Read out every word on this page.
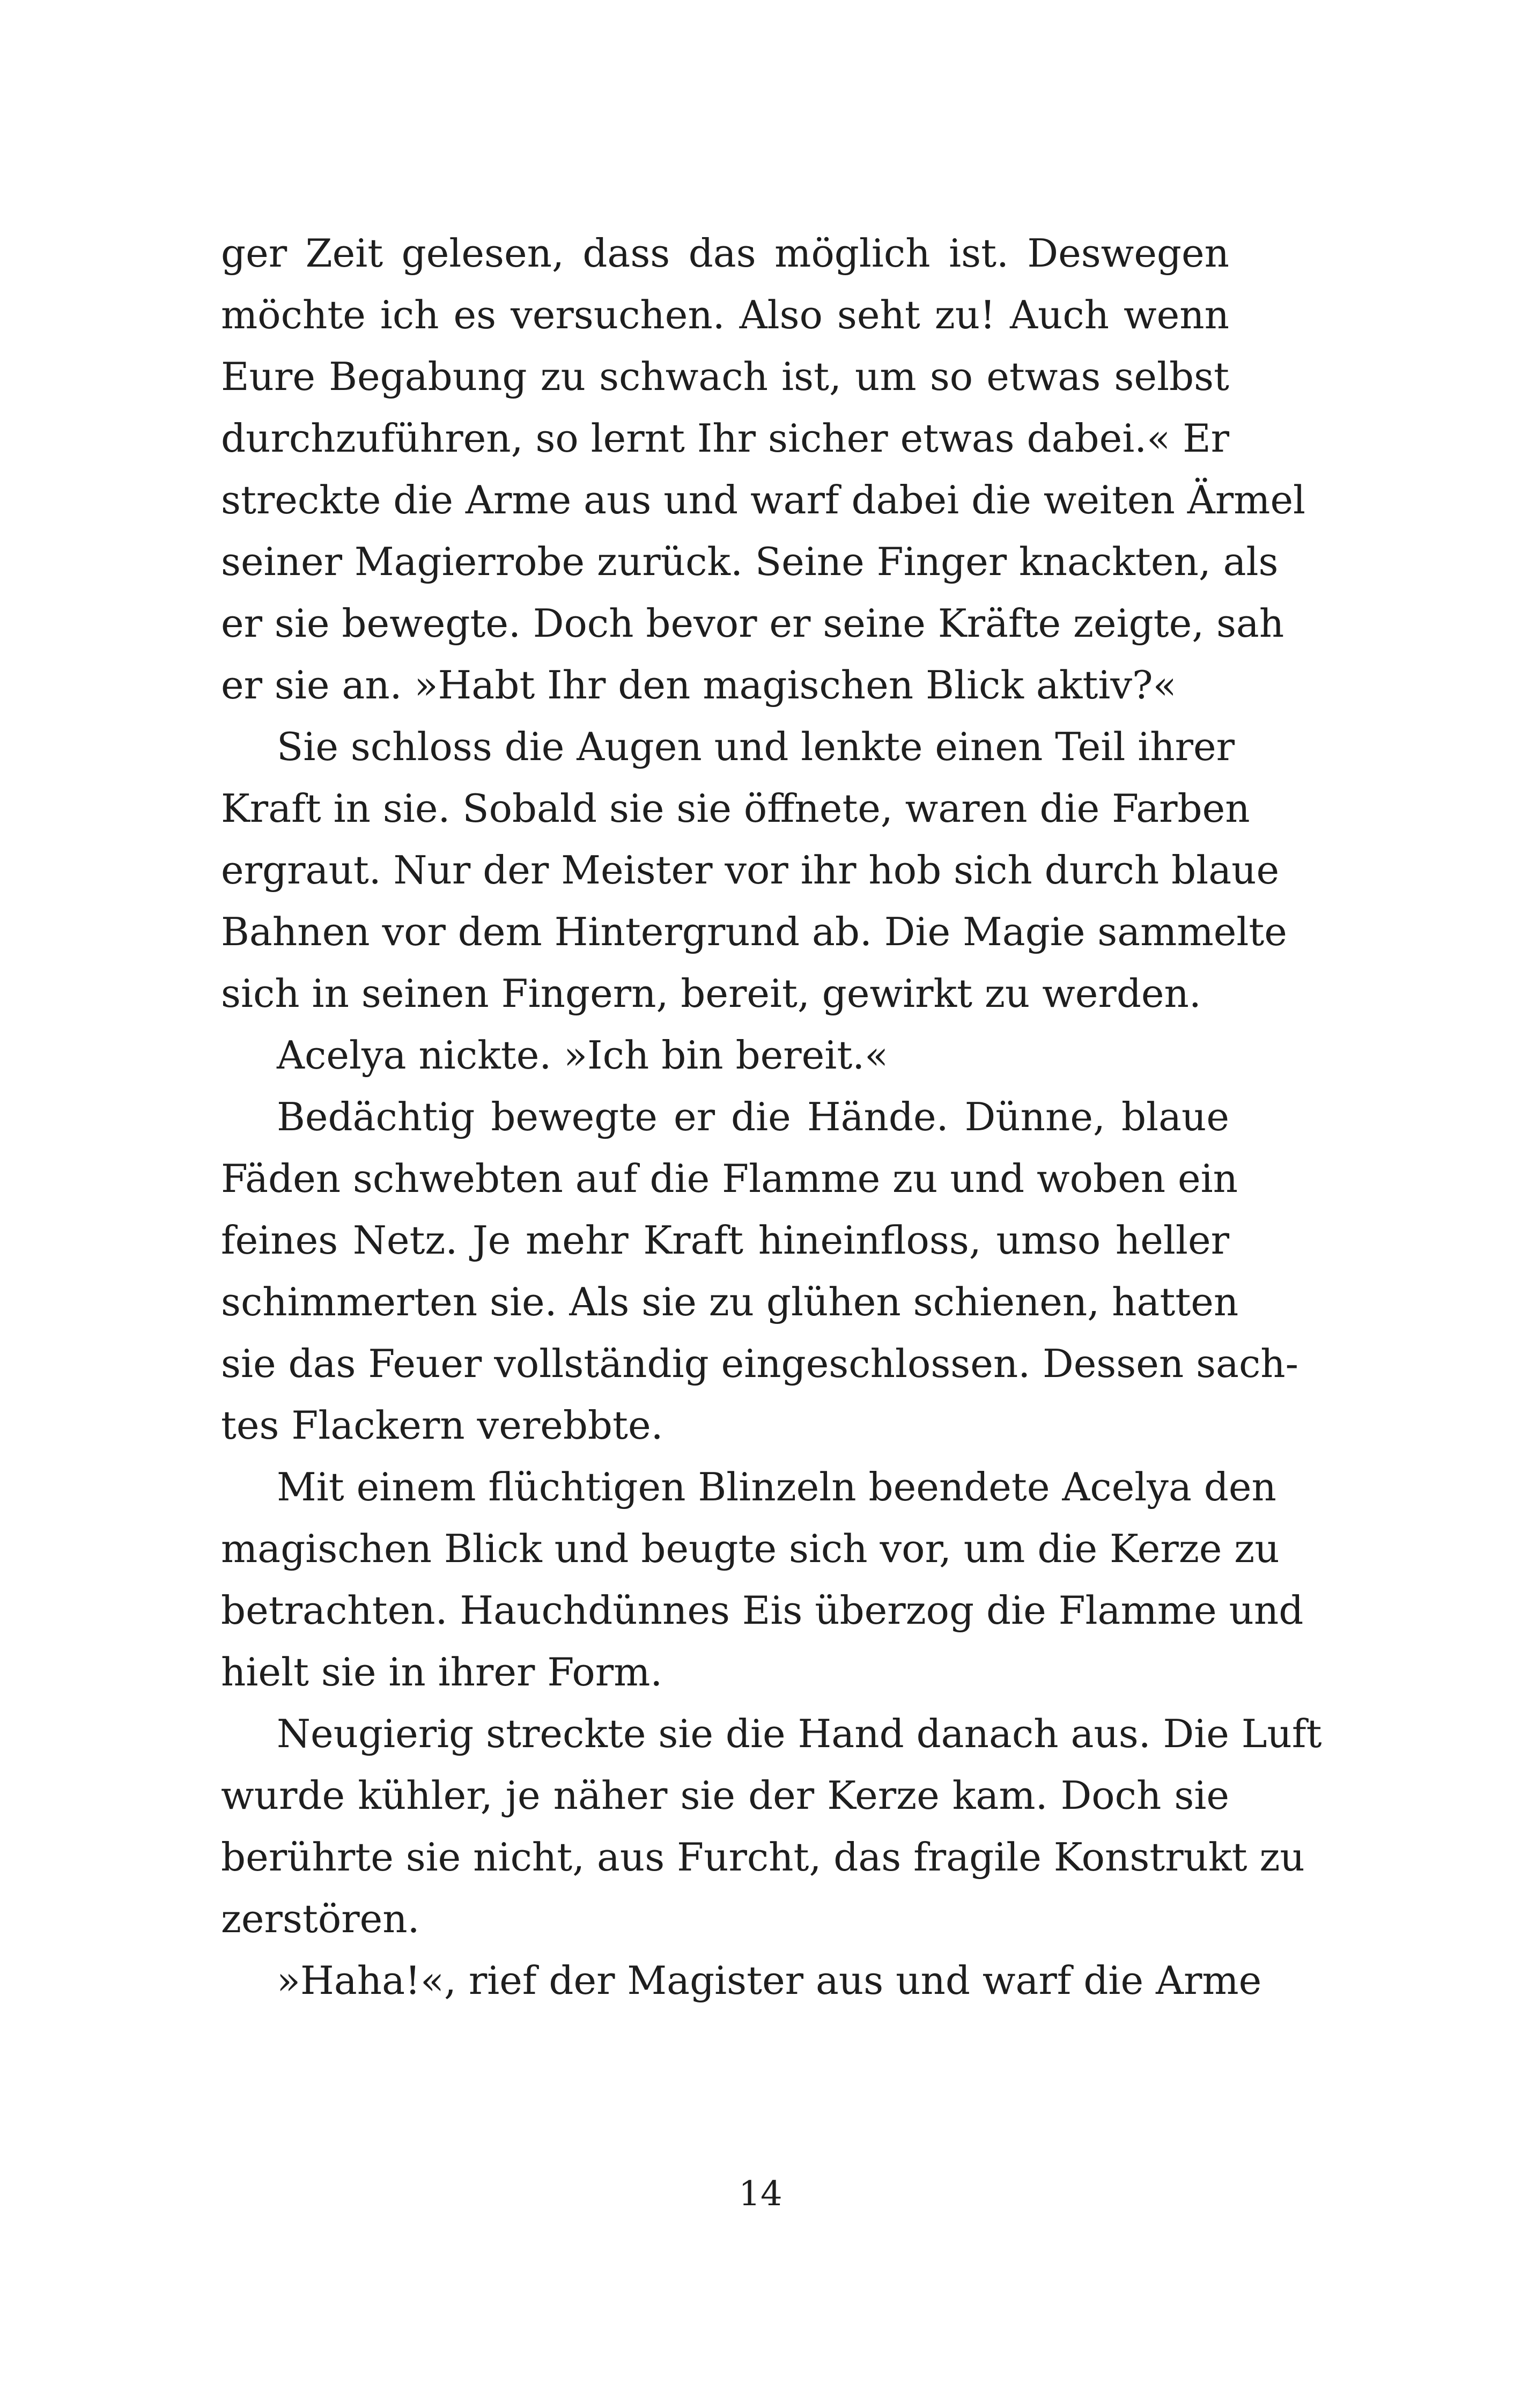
ger Zeit gelesen, dass das möglich ist. Deswegen
möchte ich es versuchen. Also seht zu! Auch wenn
Eure Begabung zu schwach ist, um so etwas selbst
durchzuführen, so lernt Ihr sicher etwas dabei.« Er
streckte die Arme aus und warf dabei die weiten Ärmel
seiner Magierrobe zurück. Seine Finger knackten, als
er sie bewegte. Doch bevor er seine Kräfte zeigte, sah
er sie an. »Habt Ihr den magischen Blick aktiv?«
Sie schloss die Augen und lenkte einen Teil ihrer
Kraft in sie. Sobald sie sie öffnete, waren die Farben
ergraut. Nur der Meister vor ihr hob sich durch blaue
Bahnen vor dem Hintergrund ab. Die Magie sammelte
sich in seinen Fingern, bereit, gewirkt zu werden.
Acelya nickte. »Ich bin bereit.«
Bedächtig bewegte er die Hände. Dünne, blaue
Fäden schwebten auf die Flamme zu und woben ein
feines Netz. Je mehr Kraft hineinfloss, umso heller
schimmerten sie. Als sie zu glühen schienen, hatten
sie das Feuer vollständig eingeschlossen. Dessen sach-
tes Flackern verebbte.
Mit einem flüchtigen Blinzeln beendete Acelya den
magischen Blick und beugte sich vor, um die Kerze zu
betrachten. Hauchdünnes Eis überzog die Flamme und
hielt sie in ihrer Form.
Neugierig streckte sie die Hand danach aus. Die Luft
wurde kühler, je näher sie der Kerze kam. Doch sie
berührte sie nicht, aus Furcht, das fragile Konstrukt zu
zerstören.
»Haha!«, rief der Magister aus und warf die Arme
14
